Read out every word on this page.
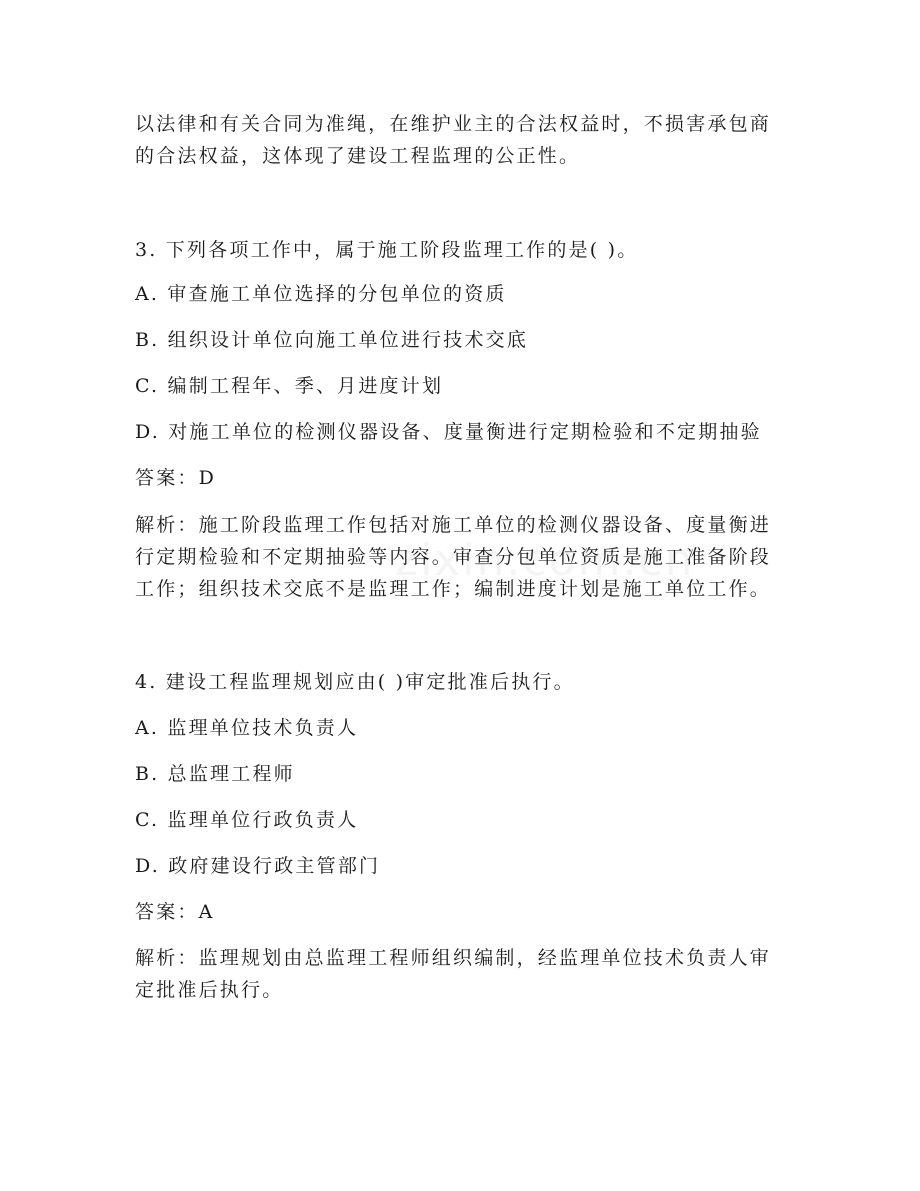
以法律和有关合同为准绳，在维护业主的合法权益时，不损害承包商
的合法权益，这体现了建设工程监理的公正性。
3. 下列各项工作中，属于施工阶段监理工作的是( )。
A. 审查施工单位选择的分包单位的资质
B. 组织设计单位向施工单位进行技术交底
C. 编制工程年、季、月进度计划
D. 对施工单位的检测仪器设备、度量衡进行定期检验和不定期抽验
答案：D
解析：施工阶段监理工作包括对施工单位的检测仪器设备、度量衡进
行定期检验和不定期抽验等内容。审查分包单位资质是施工准备阶段
工作；组织技术交底不是监理工作；编制进度计划是施工单位工作。
4. 建设工程监理规划应由( )审定批准后执行。
A. 监理单位技术负责人
B. 总监理工程师
C. 监理单位行政负责人
D. 政府建设行政主管部门
答案：A
解析：监理规划由总监理工程师组织编制，经监理单位技术负责人审
定批准后执行。
